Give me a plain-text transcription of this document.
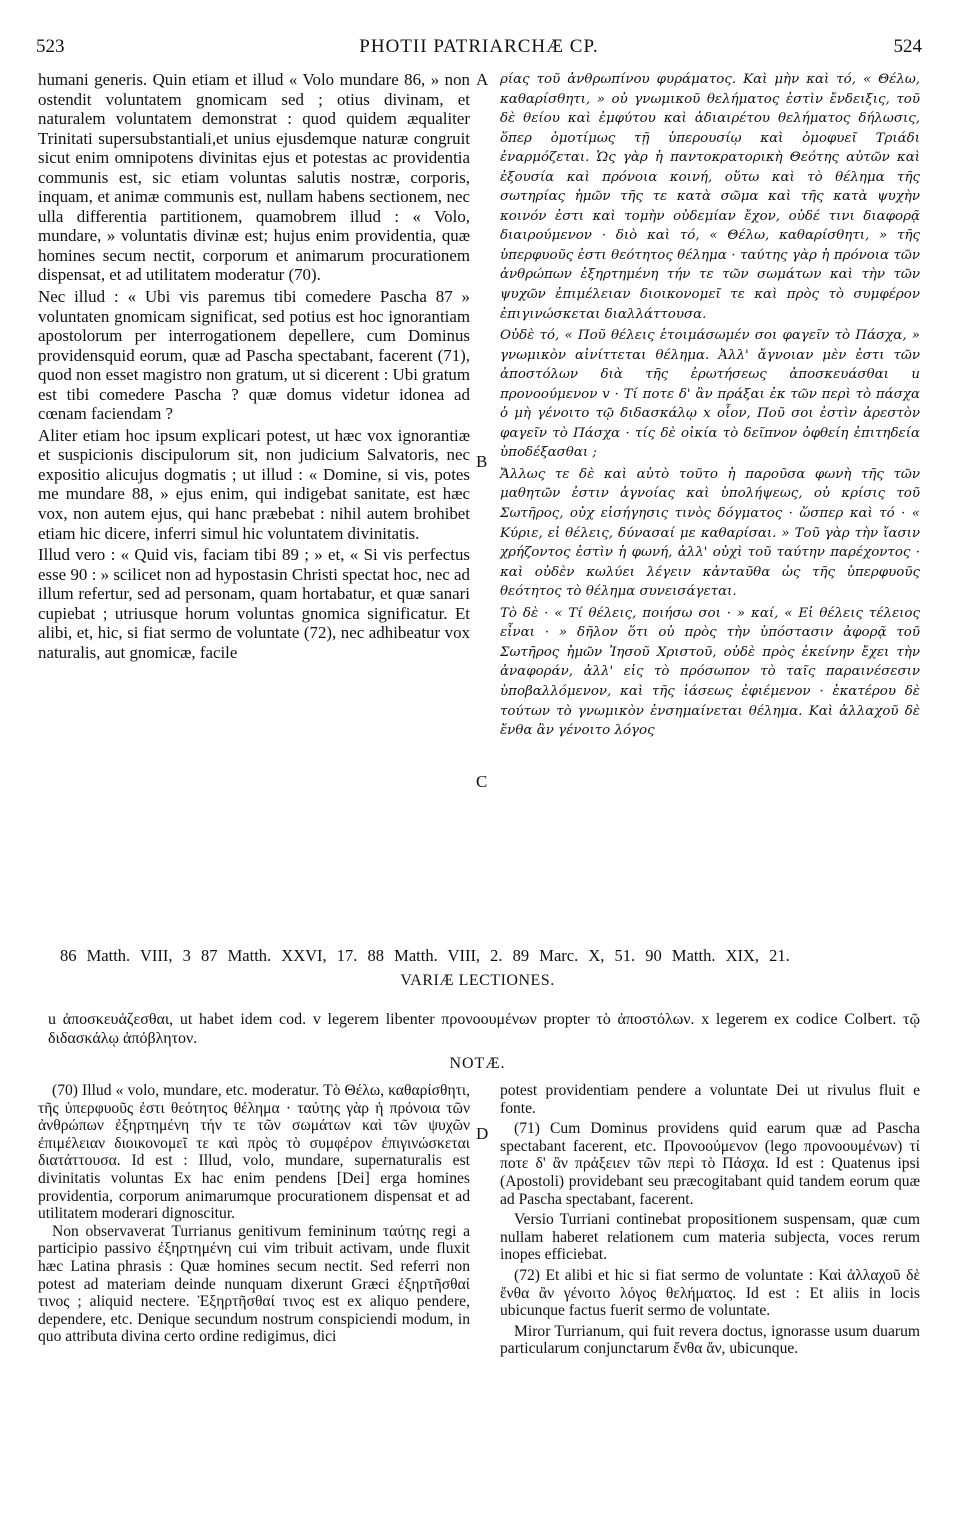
523	PHOTII PATRIARCHÆ CP.	524
A
B
C
D

humani generis. Quin etiam et illud « Volo mundare 86, » non ostendit voluntatem gnomicam sed ; otius divinam, et naturalem voluntatem demonstrat : quod quidem æqualiter Trinitati supersubstantiali,et unius ejusdemque naturæ congruit sicut enim omnipotens divinitas ejus et potestas ac providentia communis est, sic etiam voluntas salutis nostræ, corporis, inquam, et animæ communis est, nullam habens sectionem, nec ulla differentia partitionem, quamobrem illud : « Volo, mundare, » voluntatis divinæ est; hujus enim providentia, quæ homines secum nectit, corporum et animarum procurationem dispensat, et ad utilitatem moderatur (70).

Nec illud : « Ubi vis paremus tibi comedere Pascha 87 » voluntaten gnomicam significat, sed potius est hoc ignorantiam apostolorum per interrogationem depellere, cum Dominus providensquid eorum, quæ ad Pascha spectabant, facerent (71), quod non esset magistro non gratum, ut si dicerent : Ubi gratum est tibi comedere Pascha ? quæ domus videtur idonea ad cœnam faciendam ?

Aliter etiam hoc ipsum explicari potest, ut hæc vox ignorantiæ et suspicionis discipulorum sit, non judicium Salvatoris, nec expositio alicujus dogmatis ; ut illud : « Domine, si vis, potes me mundare 88, » ejus enim, qui indigebat sanitate, est hæc vox, non autem ejus, qui hanc præbebat : nihil autem brohibet etiam hic dicere, inferri simul hic voluntatem divinitatis.

Illud vero : « Quid vis, faciam tibi 89 ; » et, « Si vis perfectus esse 90 : » scilicet non ad hypostasin Christi spectat hoc, nec ad illum refertur, sed ad personam, quam hortabatur, et quæ sanari cupiebat ; utriusque horum voluntas gnomica significatur. Et alibi, et, hic, si fiat sermo de voluntate (72), nec adhibeatur vox naturalis, aut gnomicæ, facile

ρίας τοῦ ἀνθρωπίνου φυράματος. Καὶ μὴν καὶ τό, « Θέλω, καθαρίσθητι, » οὐ γνωμικοῦ θελήματος ἐστὶν ἔνδειξις, τοῦ δὲ θείου καὶ ἐμφύτου καὶ ἀδιαιρέτου θελήματος δήλωσις, ὅπερ ὁμοτίμως τῇ ὑπερουσίῳ καὶ ὁμοφυεῖ Τριάδι ἐναρμόζεται. Ὡς γὰρ ἡ παντοκρατορικὴ Θεότης αὐτῶν καὶ ἐξουσία καὶ πρόνοια κοινή, οὕτω καὶ τὸ θέλημα τῆς σωτηρίας ἡμῶν τῆς τε κατὰ σῶμα καὶ τῆς κατὰ ψυχὴν κοινόν ἐστι καὶ τομὴν οὐδεμίαν ἔχον, οὐδέ τινι διαφορᾷ διαιρούμενον · διὸ καὶ τό, « Θέλω, καθαρίσθητι, » τῆς ὑπερφυοῦς ἐστι θεότητος θέλημα · ταύτης γὰρ ἡ πρόνοια τῶν ἀνθρώπων ἐξηρτημένη τήν τε τῶν σωμάτων καὶ τὴν τῶν ψυχῶν ἐπιμέλειαν διοικονομεῖ τε καὶ πρὸς τὸ συμφέρον ἐπιγινώσκεται διαλλάττουσα.

Οὐδὲ τό, « Ποῦ θέλεις ἑτοιμάσωμέν σοι φαγεῖν τὸ Πάσχα, » γνωμικὸν αἰνίττεται θέλημα. Ἀλλ' ἄγνοιαν μὲν ἐστι τῶν ἀποστόλων διὰ τῆς ἐρωτήσεως ἀποσκευάσθαι u προνοούμενον v · Τί ποτε δ' ἂν πράξαι ἐκ τῶν περὶ τὸ πάσχα ὁ μὴ γένοιτο τῷ διδασκάλῳ x οἷον, Ποῦ σοι ἐστὶν ἀρεστὸν φαγεῖν τὸ Πάσχα · τίς δὲ οἰκία τὸ δεῖπνον ὀφθείη ἐπιτηδεία ὑποδέξασθαι ;

Ἄλλως τε δὲ καὶ αὐτὸ τοῦτο ἡ παροῦσα φωνὴ τῆς τῶν μαθητῶν ἐστιν ἀγνοίας καὶ ὑπολήψεως, οὐ κρίσις τοῦ Σωτῆρος, οὐχ εἰσήγησις τινὸς δόγματος · ὥσπερ καὶ τό · « Κύριε, εἰ θέλεις, δύνασαί με καθαρίσαι. » Τοῦ γὰρ τὴν ἴασιν χρήζοντος ἐστὶν ἡ φωνή, ἀλλ' οὐχὶ τοῦ ταύτην παρέχοντος · καὶ οὐδὲν κωλύει λέγειν κἀνταῦθα ὡς τῆς ὑπερφυοῦς θεότητος τὸ θέλημα συνεισάγεται.

Τὸ δὲ · « Τί θέλεις, ποιήσω σοι · » καί, « Εἰ θέλεις τέλειος εἶναι · » δῆλον ὅτι οὐ πρὸς τὴν ὑπόστασιν ἀφορᾷ τοῦ Σωτῆρος ἡμῶν Ἰησοῦ Χριστοῦ, οὐδὲ πρὸς ἐκείνην ἔχει τὴν ἀναφοράν, ἀλλ' εἰς τὸ πρόσωπον τὸ ταῖς παραινέσεσιν ὑποβαλλόμενον, καὶ τῆς ἰάσεως ἐφιέμενον · ἑκατέρου δὲ τούτων τὸ γνωμικὸν ἐνσημαίνεται θέλημα. Καὶ ἀλλαχοῦ δὲ ἔνθα ἂν γένοιτο λόγος

86 Matth. VIII, 3 87 Matth. XXVI, 17. 88 Matth. VIII, 2. 89 Marc. X, 51. 90 Matth. XIX, 21.
VARIÆ LECTIONES.
u ἀποσκευάζεσθαι, ut habet idem cod. v legerem libenter προνοουμένων propter τὸ ἀποστόλων. x legerem ex codice Colbert. τῷ διδασκάλῳ ἀπόβλητον.
NOTÆ.

(70) Illud « volo, mundare, etc. moderatur. Τὸ Θέλω, καθαρίσθητι, τῆς ὑπερφυοῦς ἐστι θεότητος θέλημα · ταύτης γὰρ ἡ πρόνοια τῶν ἀνθρώπων ἐξηρτημένη τήν τε τῶν σωμάτων καὶ τῶν ψυχῶν ἐπιμέλειαν διοικονομεῖ τε καὶ πρὸς τὸ συμφέρον ἐπιγινώσκεται διατάττουσα. Id est : Illud, volo, mundare, supernaturalis est divinitatis voluntas Ex hac enim pendens [Dei] erga homines providentia, corporum animarumque procurationem dispensat et ad utilitatem moderari dignoscitur.

Non observaverat Turrianus genitivum femininum ταύτης regi a participio passivo ἐξηρτημένη cui vim tribuit activam, unde fluxit hæc Latina phrasis : Quæ homines secum nectit. Sed referri non potest ad materiam deinde nunquam dixerunt Græci ἐξηρτῆσθαί τινος ; aliquid nectere. Ἐξηρτῆσθαί τινος est ex aliquo pendere, dependere, etc. Denique secundum nostrum conspiciendi modum, in quo attributa divina certo ordine redigimus, dici

potest providentiam pendere a voluntate Dei ut rivulus fluit e fonte.

(71) Cum Dominus providens quid earum quæ ad Pascha spectabant facerent, etc. Προνοούμενον (lego προνοουμένων) τί ποτε δ' ἂν πράξειεν τῶν περὶ τὸ Πάσχα. Id est : Quatenus ipsi (Apostoli) providebant seu præcogitabant quid tandem eorum quæ ad Pascha spectabant, facerent.

Versio Turriani continebat propositionem suspensam, quæ cum nullam haberet relationem cum materia subjecta, voces rerum inopes efficiebat.

(72) Et alibi et hic si fiat sermo de voluntate : Καὶ ἀλλαχοῦ δὲ ἔνθα ἂν γένοιτο λόγος θελήματος. Id est : Et aliis in locis ubicunque factus fuerit sermo de voluntate.

Miror Turrianum, qui fuit revera doctus, ignorasse usum duarum particularum conjunctarum ἔνθα ἄν, ubicunque.
